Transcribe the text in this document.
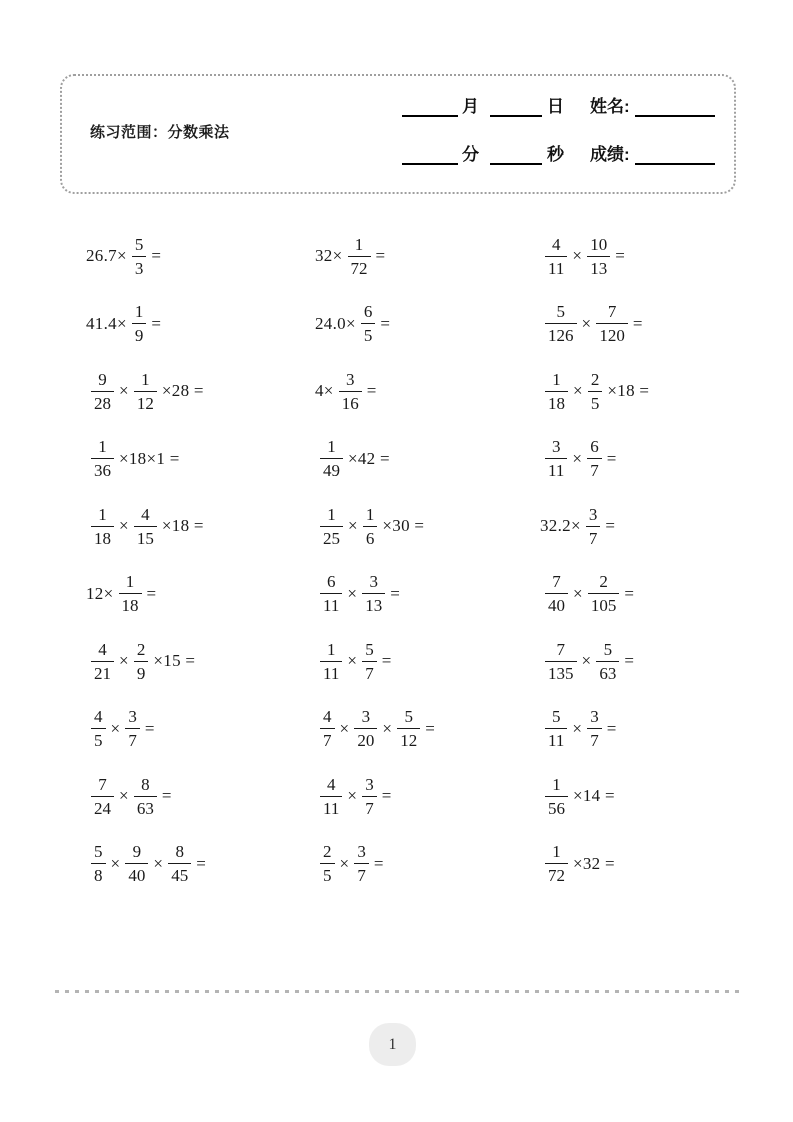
练习范围：分数乘法
月	日 姓名:
分	秒 成绩:
$26.7\times \frac{5}{3}$ =	$32\times \frac{1}{72}$ =	$\frac{4}{11} \times \frac{10}{13}$ =
$41.4\times \frac{1}{9}$ =	$24.0\times \frac{6}{5}$ =	$\frac{5}{126} \times \frac{7}{120}$ =
$\frac{9}{28} \times \frac{1}{12} \times 28$ =	$4\times \frac{3}{16}$ =	$\frac{1}{18} \times \frac{2}{5} \times 18$ =
$\frac{1}{36} \times 18\times 1$ =	$\frac{1}{49} \times 42$ =	$\frac{3}{11} \times \frac{6}{7}$ =
$\frac{1}{18} \times \frac{4}{15} \times 18$ =	$\frac{1}{25} \times \frac{1}{6} \times 30$ =	$32.2\times \frac{3}{7}$ =
$12\times \frac{1}{18}$ =	$\frac{6}{11} \times \frac{3}{13}$ =	$\frac{7}{40} \times \frac{2}{105}$ =
$\frac{4}{21} \times \frac{2}{9} \times 15$ =	$\frac{1}{11} \times \frac{5}{7}$ =	$\frac{7}{135} \times \frac{5}{63}$ =
$\frac{4}{5} \times \frac{3}{7}$ =	$\frac{4}{7} \times \frac{3}{20} \times \frac{5}{12}$ =	$\frac{5}{11} \times \frac{3}{7}$ =
$\frac{7}{24} \times \frac{8}{63}$ =	$\frac{4}{11} \times \frac{3}{7}$ =	$\frac{1}{56} \times 14$ =
$\frac{5}{8} \times \frac{9}{40} \times \frac{8}{45}$ =	$\frac{2}{5} \times \frac{3}{7}$ =	$\frac{1}{72} \times 32$ =
1
